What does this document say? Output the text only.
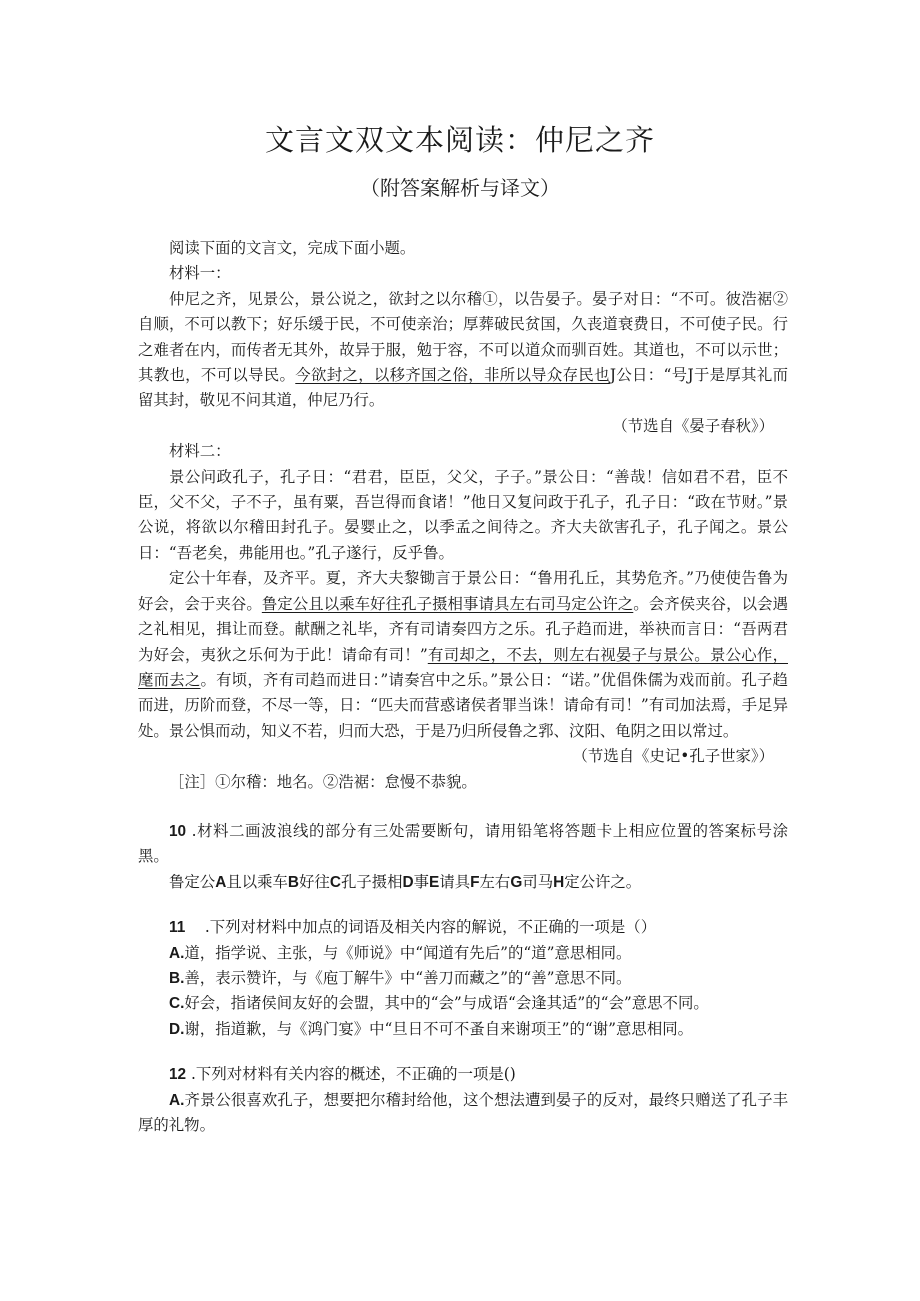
文言文双文本阅读：仲尼之齐
（附答案解析与译文）

阅读下面的文言文，完成下面小题。

材料一：

仲尼之齐，见景公，景公说之，欲封之以尔稽①，以告晏子。晏子对日：“不可。彼浩裾②自顺，不可以教下；好乐缓于民，不可使亲治；厚葬破民贫国，久丧道衰费日，不可使子民。行之难者在内，而传者无其外，故异于服，勉于容，不可以道众而驯百姓。其道也，不可以示世；其教也，不可以导民。今欲封之，以移齐国之俗，非所以导众存民也J公日：“号J于是厚其礼而留其封，敬见不问其道，仲尼乃行。

（节选自《晏子春秋》）

材料二：

景公问政孔子，孔子日：“君君，臣臣，父父，子子。”景公日：“善哉！信如君不君，臣不臣，父不父，子不子，虽有粟，吾岂得而食诸！”他日又复问政于孔子，孔子日：“政在节财。”景公说，将欲以尔稽田封孔子。晏婴止之，以季孟之间待之。齐大夫欲害孔子，孔子闻之。景公日：“吾老矣，弗能用也。”孔子遂行，反乎鲁。

定公十年春，及齐平。夏，齐大夫黎锄言于景公日：“鲁用孔丘，其势危齐。”乃使使告鲁为好会，会于夹谷。鲁定公且以乘车好往孔子摄相事请具左右司马定公许之。会齐侯夹谷，以会遇之礼相见，揖让而登。献酬之礼毕，齐有司请奏四方之乐。孔子趋而进，举袂而言日：“吾两君为好会，夷狄之乐何为于此！请命有司！”有司却之，不去，则左右视晏子与景公。景公心作，麾而去之。有顷，齐有司趋而进日：”请奏宫中之乐。”景公日：“诺。”优倡侏儒为戏而前。孔子趋而进，历阶而登，不尽一等，日：“匹夫而营惑诸侯者罪当诛！请命有司！”有司加法焉，手足异处。景公惧而动，知义不若，归而大恐，于是乃归所侵鲁之郛、汶阳、龟阴之田以常过。

（节选自《史记•孔子世家》）

［注］①尔稽：地名。②浩裾：怠慢不恭貌。

10 .材料二画波浪线的部分有三处需要断句，请用铅笔将答题卡上相应位置的答案标号涂黑。

鲁定公A且以乘车B好往C孔子摄相D事E请具F左右G司马H定公许之。

11 .下列对材料中加点的词语及相关内容的解说，不正确的一项是（）

A.道，指学说、主张，与《师说》中“闻道有先后”的“道”意思相同。

B.善，表示赞许，与《庖丁解牛》中“善刀而藏之”的“善”意思不同。

C.好会，指诸侯间友好的会盟，其中的“会”与成语“会逢其适”的“会”意思不同。

D.谢，指道歉，与《鸿门宴》中“旦日不可不蚤自来谢项王”的“谢”意思相同。

12 .下列对材料有关内容的概述，不正确的一项是()

A.齐景公很喜欢孔子，想要把尔稽封给他，这个想法遭到晏子的反对，最终只赠送了孔子丰厚的礼物。
